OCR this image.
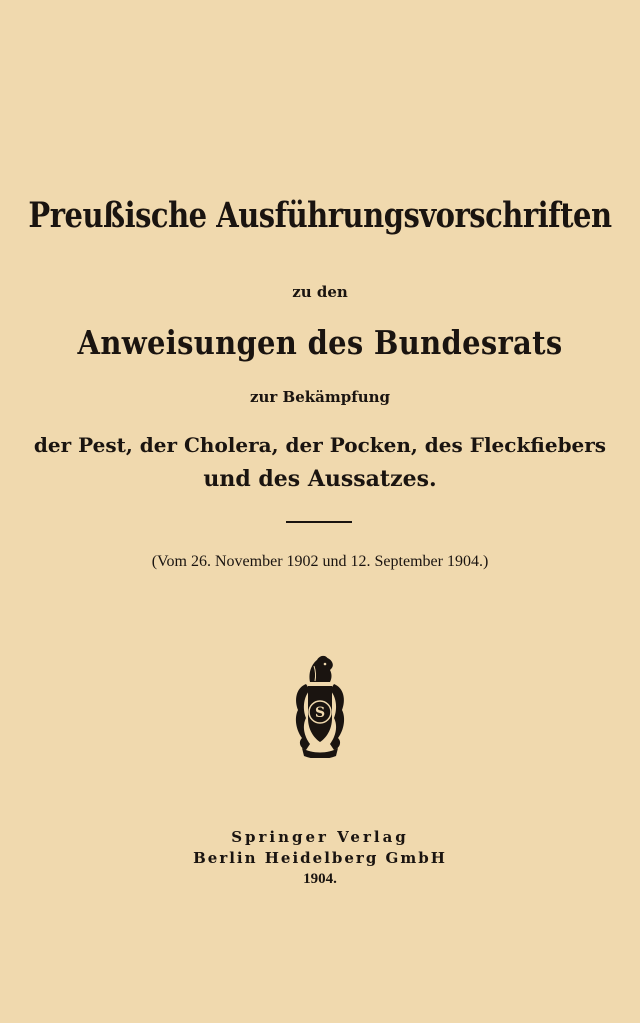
Preußische Ausführungsvorschriften
zu den
Anweisungen des Bundesrats
zur Bekämpfung
der Pest, der Cholera, der Pocken, des Fleckfiebers
und des Aussatzes.
(Vom 26. November 1902 und 12. September 1904.)
S
Springer Verlag
Berlin Heidelberg GmbH
1904.
